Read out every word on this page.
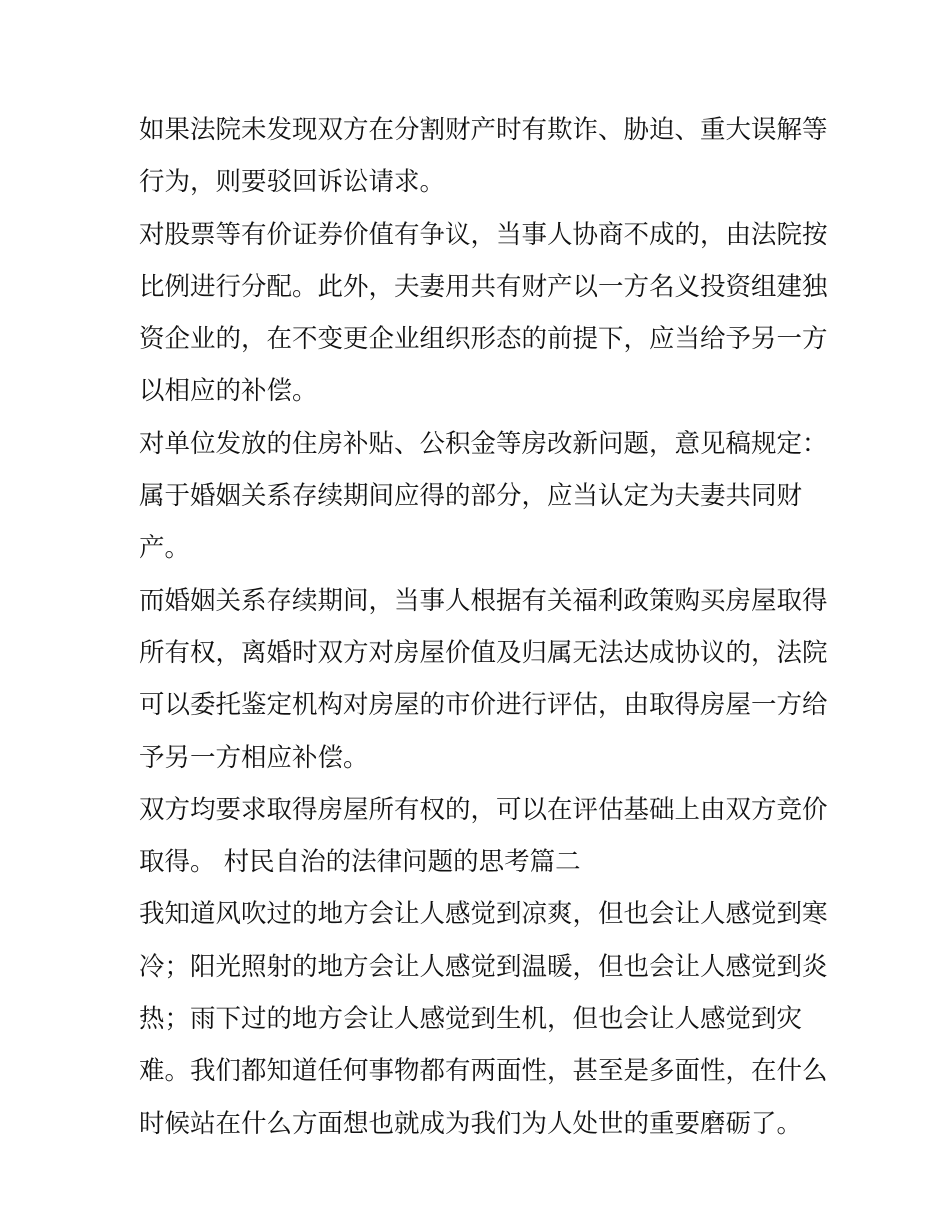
如果法院未发现双方在分割财产时有欺诈、胁迫、重大误解等
行为，则要驳回诉讼请求。
对股票等有价证券价值有争议，当事人协商不成的，由法院按
比例进行分配。此外，夫妻用共有财产以一方名义投资组建独
资企业的，在不变更企业组织形态的前提下，应当给予另一方
以相应的补偿。
对单位发放的住房补贴、公积金等房改新问题，意见稿规定：
属于婚姻关系存续期间应得的部分，应当认定为夫妻共同财
产。
而婚姻关系存续期间，当事人根据有关福利政策购买房屋取得
所有权，离婚时双方对房屋价值及归属无法达成协议的，法院
可以委托鉴定机构对房屋的市价进行评估，由取得房屋一方给
予另一方相应补偿。
双方均要求取得房屋所有权的，可以在评估基础上由双方竞价
取得。 村民自治的法律问题的思考篇二
我知道风吹过的地方会让人感觉到凉爽，但也会让人感觉到寒
冷；阳光照射的地方会让人感觉到温暖，但也会让人感觉到炎
热；雨下过的地方会让人感觉到生机，但也会让人感觉到灾
难。我们都知道任何事物都有两面性，甚至是多面性，在什么
时候站在什么方面想也就成为我们为人处世的重要磨砺了。
